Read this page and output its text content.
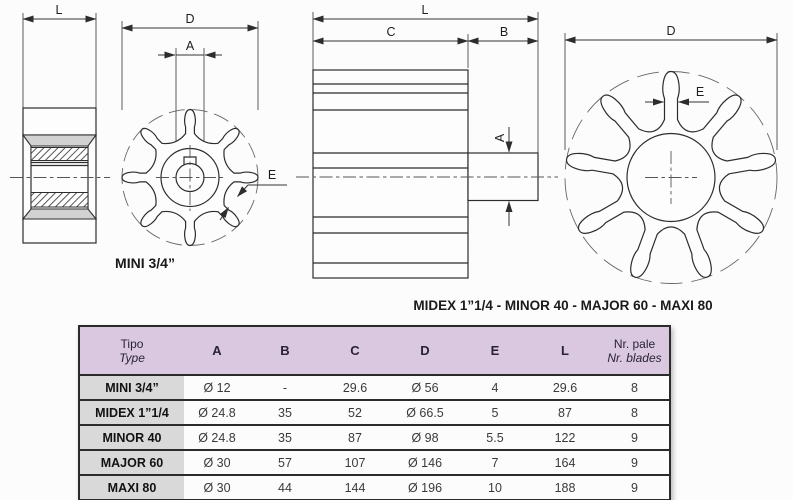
L
D
A
E
L
C	B
A
D
E
MINI 3/4”
MIDEX 1”1/4 - MINOR 40 - MAJOR 60 - MAXI 80
Tipo
Type	A	B	C	D	E	L	Nr. pale
Nr. blades

MINI 3/4”	Ø 12	-	29.6	Ø 56	4	29.6	8
MIDEX 1”1/4	Ø 24.8	35	52	Ø 66.5	5	87	8
MINOR 40	Ø 24.8	35	87	Ø 98	5.5	122	9
MAJOR 60	Ø 30	57	107	Ø 146	7	164	9
MAXI 80	Ø 30	44	144	Ø 196	10	188	9
